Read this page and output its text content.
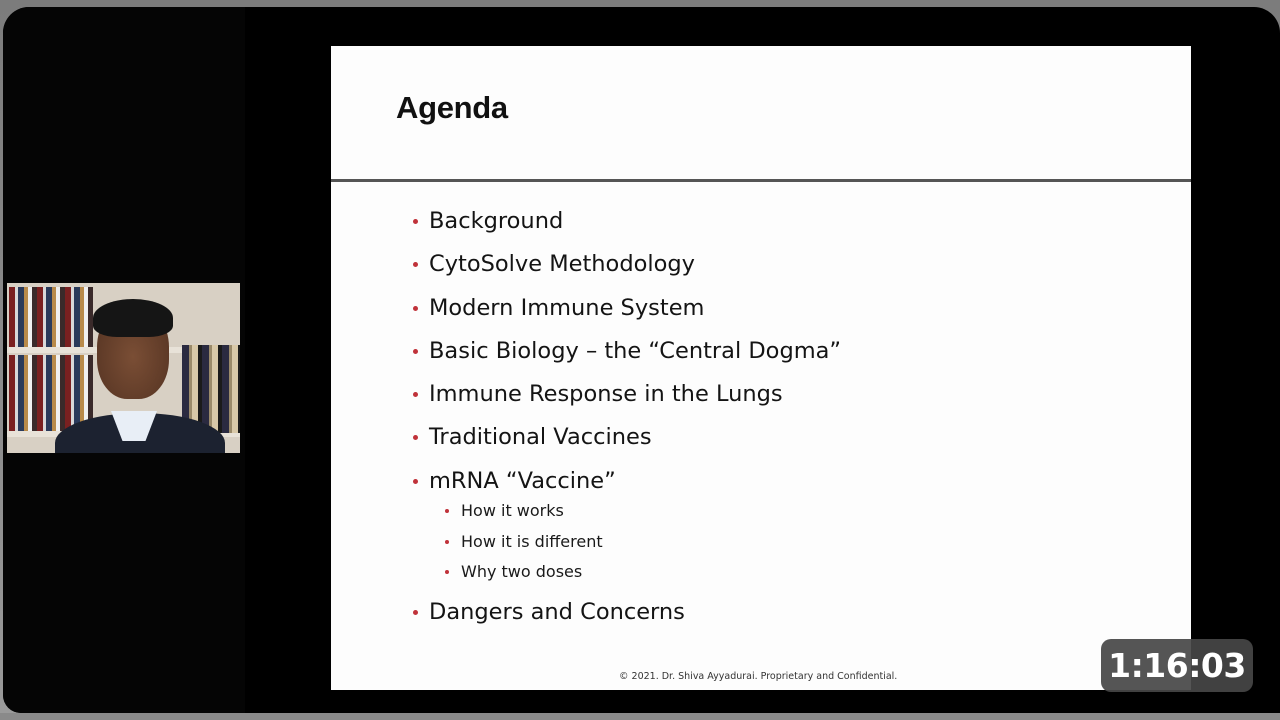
Agenda
Background
CytoSolve Methodology
Modern Immune System
Basic Biology – the “Central Dogma”
Immune Response in the Lungs
Traditional Vaccines
mRNA “Vaccine”
How it works
How it is different
Why two doses
Dangers and Concerns
© 2021. Dr. Shiva Ayyadurai. Proprietary and Confidential.	1:16:03
